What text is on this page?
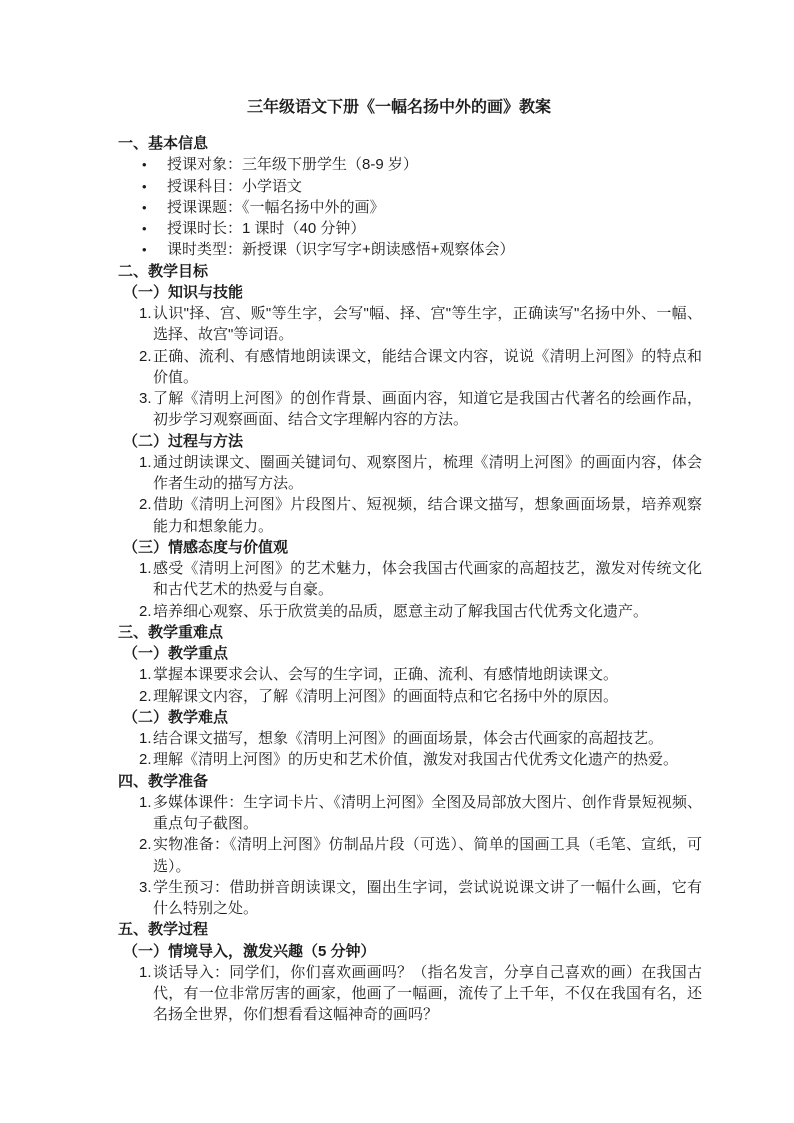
三年级语文下册《一幅名扬中外的画》教案
一、基本信息
•	授课对象：三年级下册学生（8-9 岁）
•	授课科目：小学语文
•	授课课题：《一幅名扬中外的画》
•	授课时长：1 课时（40 分钟）
•	课时类型：新授课（识字写字+朗读感悟+观察体会）
二、教学目标
（一）知识与技能
1. 认识"择、宫、贩"等生字，会写"幅、择、宫"等生字，正确读写"名扬中外、一幅、选择、故宫"等词语。
2. 正确、流利、有感情地朗读课文，能结合课文内容，说说《清明上河图》的特点和价值。
3. 了解《清明上河图》的创作背景、画面内容，知道它是我国古代著名的绘画作品，初步学习观察画面、结合文字理解内容的方法。
（二）过程与方法
1. 通过朗读课文、圈画关键词句、观察图片，梳理《清明上河图》的画面内容，体会作者生动的描写方法。
2. 借助《清明上河图》片段图片、短视频，结合课文描写，想象画面场景，培养观察能力和想象能力。
（三）情感态度与价值观
1. 感受《清明上河图》的艺术魅力，体会我国古代画家的高超技艺，激发对传统文化和古代艺术的热爱与自豪。
2. 培养细心观察、乐于欣赏美的品质，愿意主动了解我国古代优秀文化遗产。
三、教学重难点
（一）教学重点
1. 掌握本课要求会认、会写的生字词，正确、流利、有感情地朗读课文。
2. 理解课文内容，了解《清明上河图》的画面特点和它名扬中外的原因。
（二）教学难点
1. 结合课文描写，想象《清明上河图》的画面场景，体会古代画家的高超技艺。
2. 理解《清明上河图》的历史和艺术价值，激发对我国古代优秀文化遗产的热爱。
四、教学准备
1. 多媒体课件：生字词卡片、《清明上河图》全图及局部放大图片、创作背景短视频、重点句子截图。
2. 实物准备：《清明上河图》仿制品片段（可选）、简单的国画工具（毛笔、宣纸，可选）。
3. 学生预习：借助拼音朗读课文，圈出生字词，尝试说说课文讲了一幅什么画，它有什么特别之处。
五、教学过程
（一）情境导入，激发兴趣（5 分钟）
1. 谈话导入：同学们，你们喜欢画画吗？（指名发言，分享自己喜欢的画）在我国古代，有一位非常厉害的画家，他画了一幅画，流传了上千年，不仅在我国有名，还名扬全世界，你们想看看这幅神奇的画吗？
